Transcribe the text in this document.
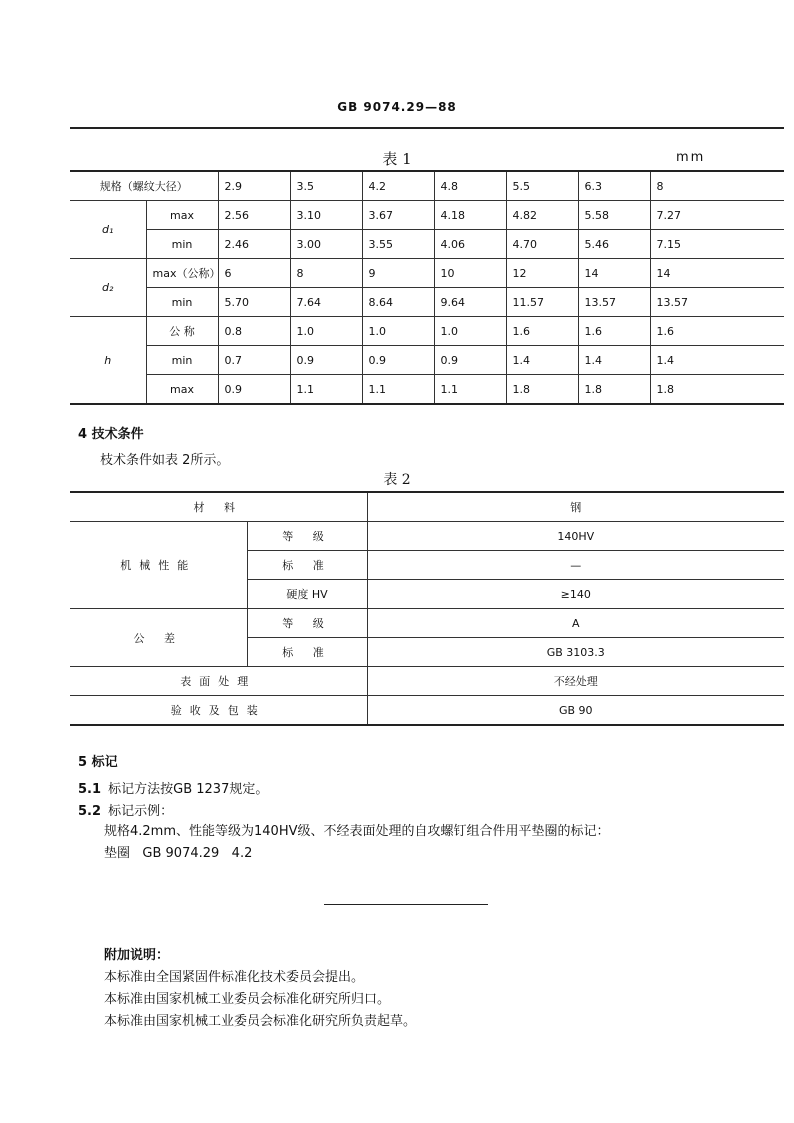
GB 9074.29—88
表 1	mm
规格（螺纹大径）		2.9	3.5	4.2	4.8	5.5	6.3	8
d₁	max	2.56	3.10	3.67	4.18	4.82	5.58	7.27
	min	2.46	3.00	3.55	4.06	4.70	5.46	7.15
d₂	max（公称）	6	8	9	10	12	14	14
	min	5.70	7.64	8.64	9.64	11.57	13.57	13.57
h	公 称	0.8	1.0	1.0	1.0	1.6	1.6	1.6
	min	0.7	0.9	0.9	0.9	1.4	1.4	1.4
	max	0.9	1.1	1.1	1.1	1.8	1.8	1.8
4 技术条件
枝术条件如表 2所示。
表 2
材 料		钢
机械性能	等 级	140HV
	标 准	—
	硬度 HV	≥140
公 差	等 级	A
	标 准	GB 3103.3
表面处理		不经处理
验收及包装		GB 90
5 标记
5.1 标记方法按GB 1237规定。
5.2 标记示例：
规格4.2mm、性能等级为140HV级、不经表面处理的自攻螺钉组合件用平垫圈的标记：
垫圈   GB 9074.29   4.2
附加说明：
本标准由全国紧固件标准化技术委员会提出。
本标准由国家机械工业委员会标准化研究所归口。
本标准由国家机械工业委员会标准化研究所负责起草。
